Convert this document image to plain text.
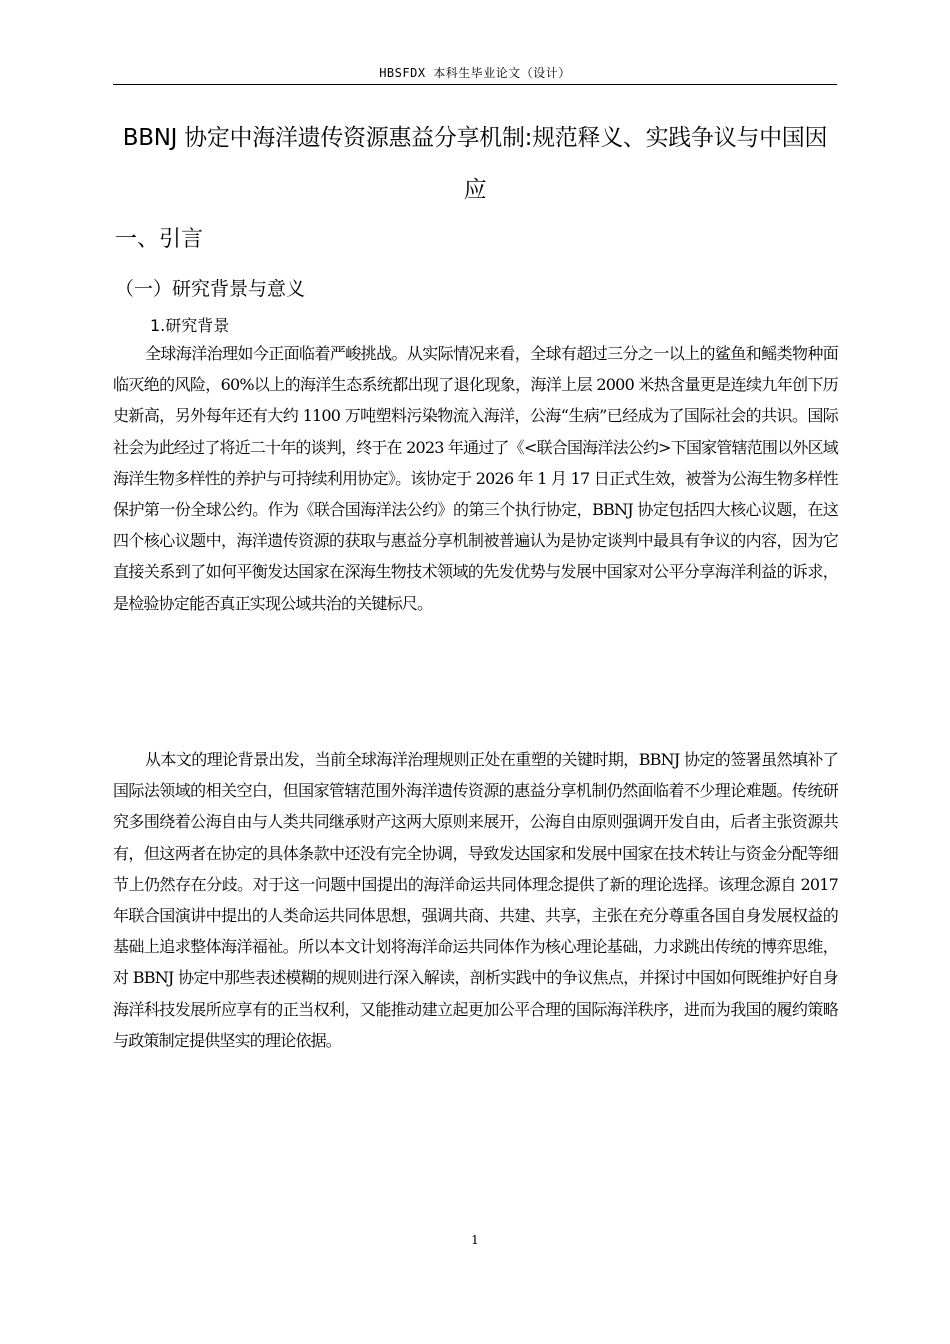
HBSFDX 本科生毕业论文（设计）
BBNJ 协定中海洋遗传资源惠益分享机制:规范释义、实践争议与中国因应
一、引言
（一）研究背景与意义
1.研究背景

全球海洋治理如今正面临着严峻挑战。从实际情况来看，全球有超过三分之一以上的鲨鱼和鳐类物种面临灭绝的风险，60%以上的海洋生态系统都出现了退化现象，海洋上层 2000 米热含量更是连续九年创下历史新高，另外每年还有大约 1100 万吨塑料污染物流入海洋，公海“生病”已经成为了国际社会的共识。国际社会为此经过了将近二十年的谈判，终于在 2023 年通过了《<联合国海洋法公约>下国家管辖范围以外区域海洋生物多样性的养护与可持续利用协定》。该协定于 2026 年 1 月 17 日正式生效，被誉为公海生物多样性保护第一份全球公约。作为《联合国海洋法公约》的第三个执行协定，BBNJ 协定包括四大核心议题，在这四个核心议题中，海洋遗传资源的获取与惠益分享机制被普遍认为是协定谈判中最具有争议的内容，因为它直接关系到了如何平衡发达国家在深海生物技术领域的先发优势与发展中国家对公平分享海洋利益的诉求，是检验协定能否真正实现公域共治的关键标尺。

从本文的理论背景出发，当前全球海洋治理规则正处在重塑的关键时期，BBNJ 协定的签署虽然填补了国际法领域的相关空白，但国家管辖范围外海洋遗传资源的惠益分享机制仍然面临着不少理论难题。传统研究多围绕着公海自由与人类共同继承财产这两大原则来展开，公海自由原则强调开发自由，后者主张资源共有，但这两者在协定的具体条款中还没有完全协调，导致发达国家和发展中国家在技术转让与资金分配等细节上仍然存在分歧。对于这一问题中国提出的海洋命运共同体理念提供了新的理论选择。该理念源自 2017 年联合国演讲中提出的人类命运共同体思想，强调共商、共建、共享，主张在充分尊重各国自身发展权益的基础上追求整体海洋福祉。所以本文计划将海洋命运共同体作为核心理论基础，力求跳出传统的博弈思维，对 BBNJ 协定中那些表述模糊的规则进行深入解读，剖析实践中的争议焦点，并探讨中国如何既维护好自身海洋科技发展所应享有的正当权利，又能推动建立起更加公平合理的国际海洋秩序，进而为我国的履约策略与政策制定提供坚实的理论依据。

1
